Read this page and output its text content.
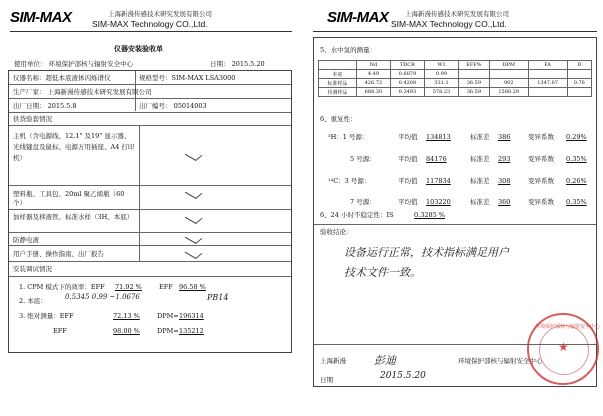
SIM-MAX	上海新漫传感技术研究发展有限公司
SIM-MAX Technology CO.,Ltd.
仪器安装验收单
使用单位： 环境保护部核与辐射安全中心	日期： 2015.5.20
仪器名称：超低本底液体闪烁谱仪	规格型号：SIM-MAX LSA3000
生产厂家： 上海新漫传感技术研究发展有限公司
出厂日期： 2015.5.8	出厂编号： 05014003
供货验套情况
主机（含电源线、12.1" 及19" 显示器、光线键盘及鼠标、电源万用插座、A4 打印机）
塑料瓶、工具包、20ml 聚乙烯瓶（60 个）
加样器及移液管、标准水样（3H、本底）
防静电液
用户手册、操作指南、出厂报告
安装调试情况
1. CPM 模式下的效率：EFF 71.92 %	EFF 96.58 %
2. 本底：	0.5345 0.99 ~1.0676	PB14
3. 绝对测量：EFF	72.13 %	DPM= 196314
EFF	98.00 %	DPM= 135212
SIM-MAX	上海新漫传感技术研究发展有限公司
SIM-MAX Technology CO.,Ltd.
5、水中氚的测量：
	Nd	TDCR	W1	EFF%	DPM	FA	D
本底	4.49	0.6079	0.99				
标准样品	426.72	0.4208	331.1	36.59	902	1347.07	0.76
待测样品	688.30	0.3493	578.23	36.59	1580.29		
6、重复性：
³H：1 号源：	平均值 134813	标准差 386	变异系数 0.29%
5 号源：	平均值 84176	标准差 293	变异系数 0.35%
¹⁴C：3 号源：	平均值 117834	标准差 308	变异系数 0.26%
7 号源：	平均值 103220	标准差 360	变异系数 0.35%
6、24 小时不稳定性：IS	0.3285 %
验收结论：
设备运行正常，技术指标满足用户
技术文件一致。
上海新漫	彭迪	环境保护部核与辐射安全中心
日期	2015.5.20
★
环境保护部核与辐射安全中心
